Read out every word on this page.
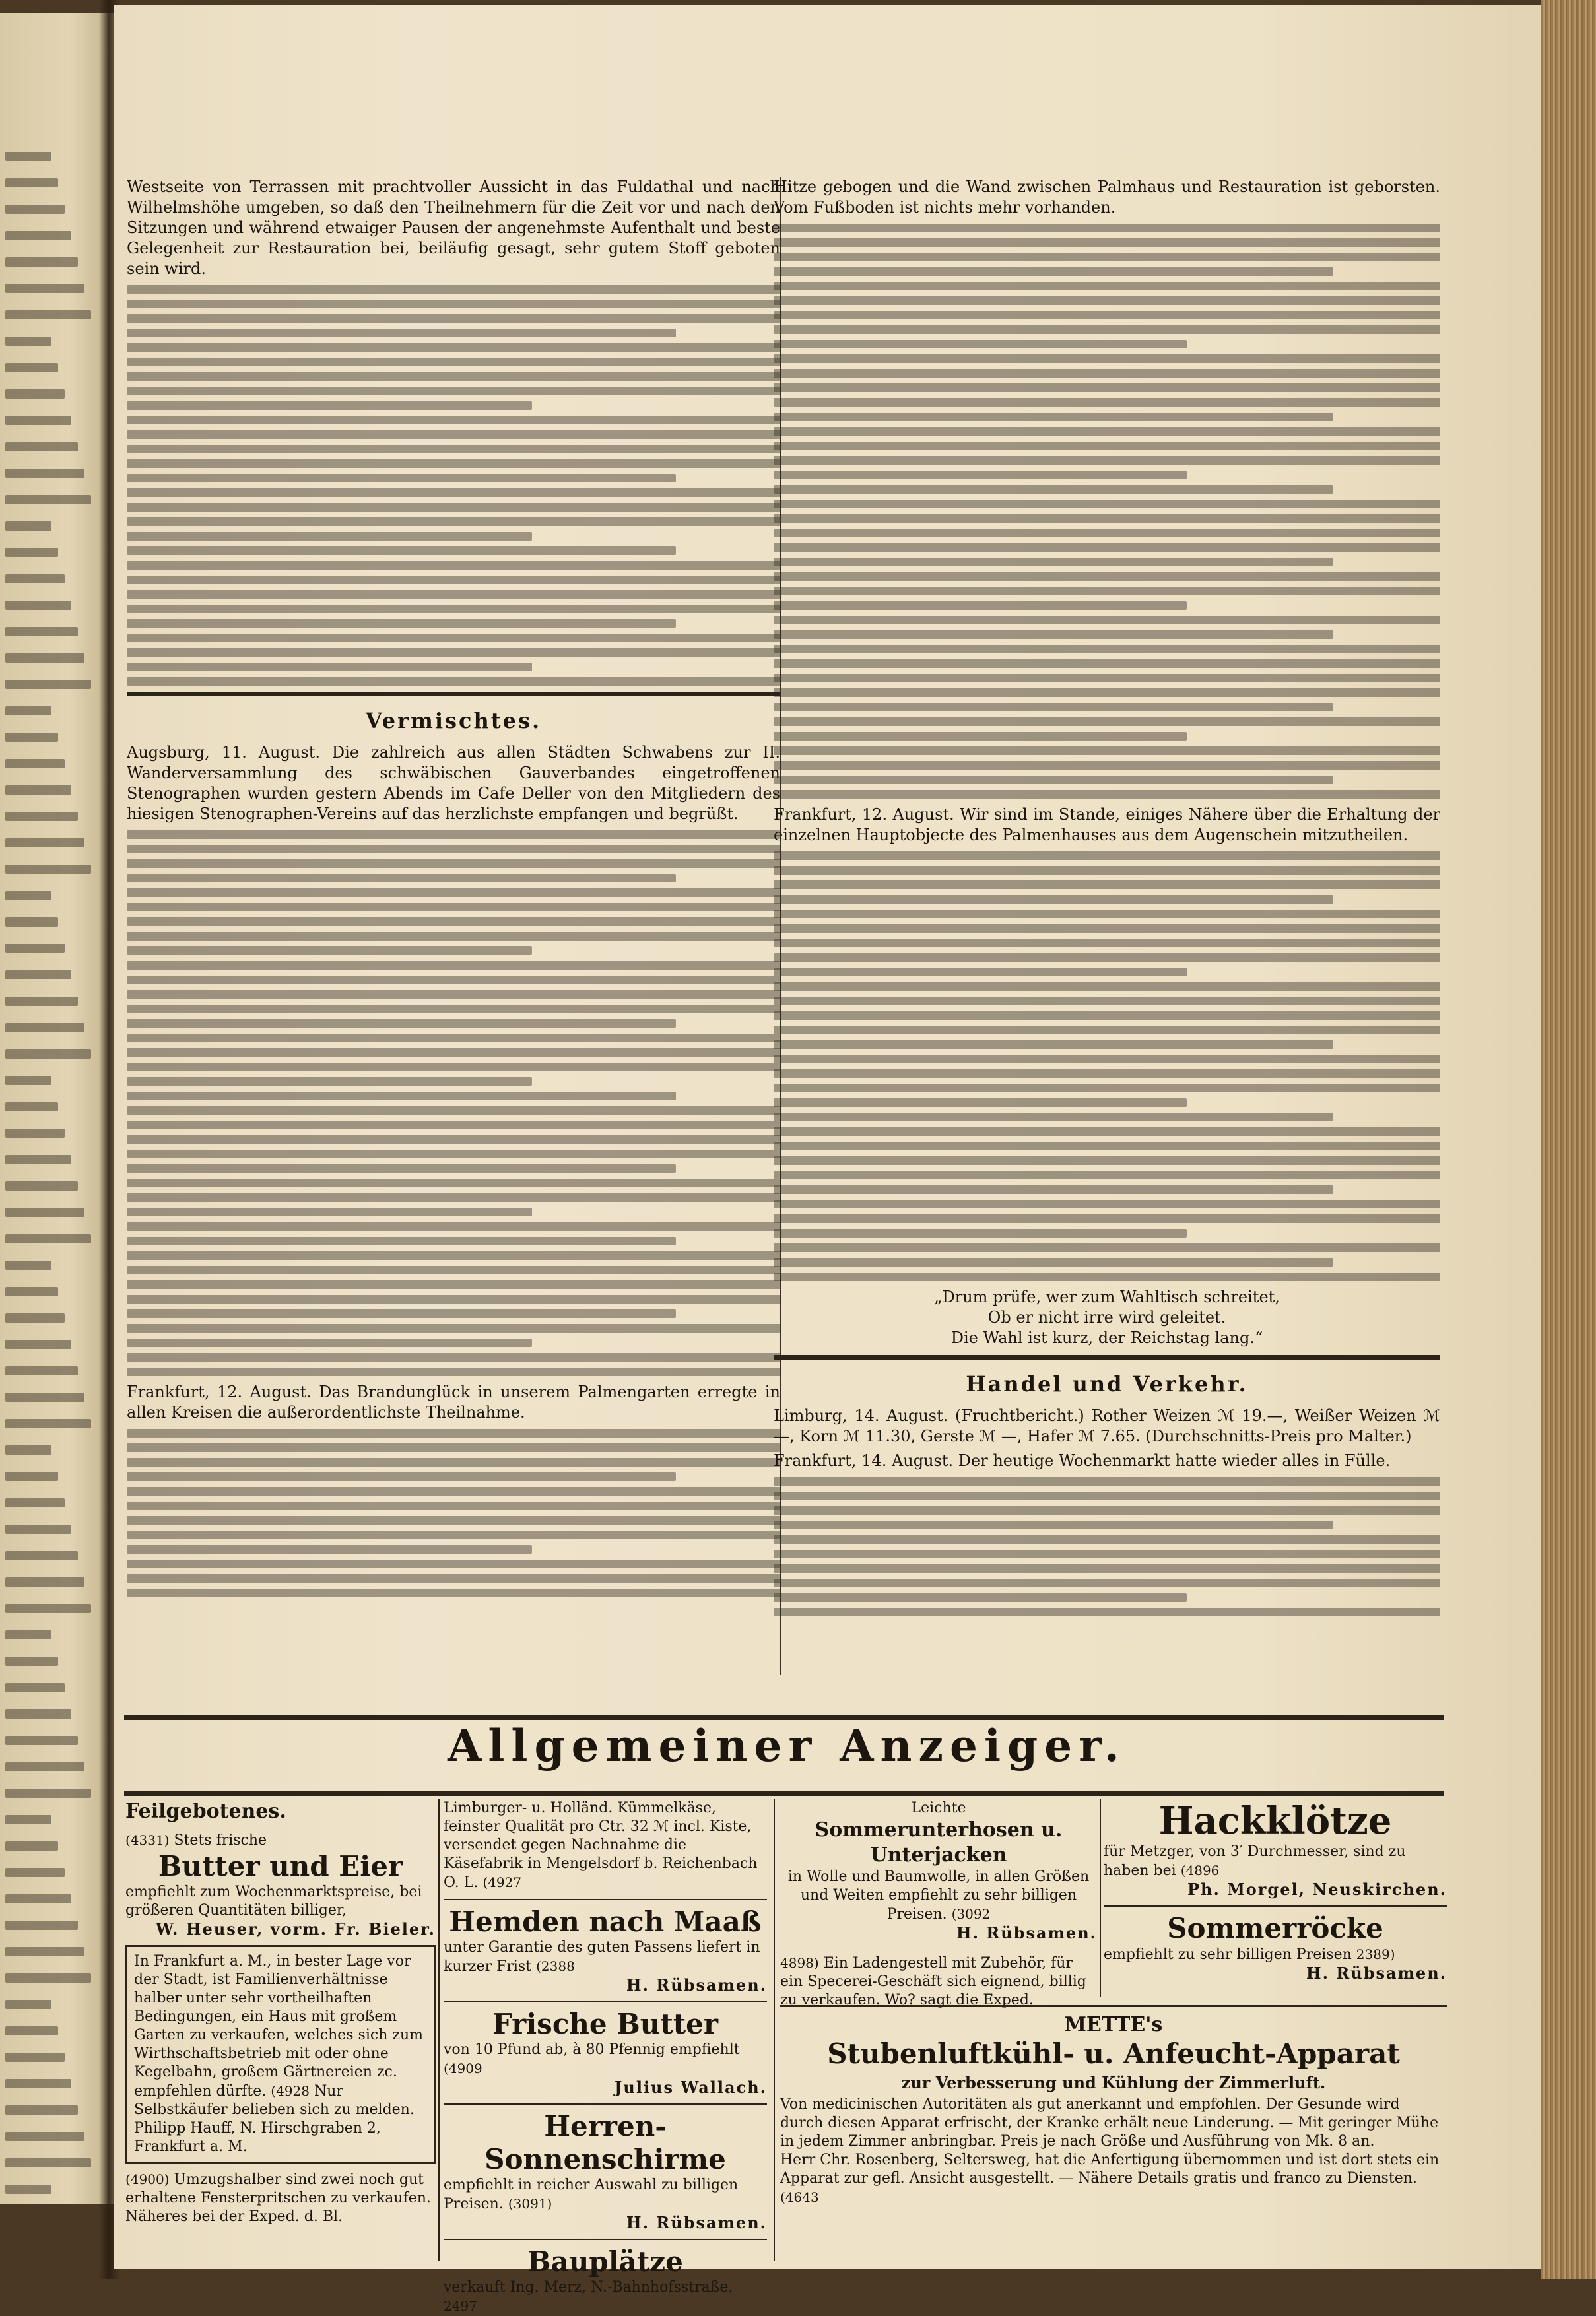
Westseite von Terrassen mit prachtvoller Aussicht in das Fuldathal und nach Wilhelmshöhe umgeben, so daß den Theilnehmern für die Zeit vor und nach den Sitzungen und während etwaiger Pausen der angenehmste Aufenthalt und beste Gelegenheit zur Restauration bei, beiläufig gesagt, sehr gutem Stoff geboten sein wird.

Vermischtes.

Augsburg, 11. August. Die zahlreich aus allen Städten Schwabens zur II. Wanderversammlung des schwäbischen Gauverbandes eingetroffenen Stenographen wurden gestern Abends im Cafe Deller von den Mitgliedern des hiesigen Stenographen-Vereins auf das herzlichste empfangen und begrüßt.

Frankfurt, 12. August. Das Brandunglück in unserem Palmengarten erregte in allen Kreisen die außerordentlichste Theilnahme.

Hitze gebogen und die Wand zwischen Palmhaus und Restauration ist geborsten. Vom Fußboden ist nichts mehr vorhanden.

Frankfurt, 12. August. Wir sind im Stande, einiges Nähere über die Erhaltung der einzelnen Hauptobjecte des Palmenhauses aus dem Augenschein mitzutheilen.

„Drum prüfe, wer zum Wahltisch schreitet,
Ob er nicht irre wird geleitet.
Die Wahl ist kurz, der Reichstag lang.“
Handel und Verkehr.

Limburg, 14. August. (Fruchtbericht.) Rother Weizen ℳ 19.—, Weißer Weizen ℳ —, Korn ℳ 11.30, Gerste ℳ —, Hafer ℳ 7.65. (Durchschnitts-Preis pro Malter.)

Frankfurt, 14. August. Der heutige Wochenmarkt hatte wieder alles in Fülle.

Allgemeiner Anzeiger.
Feilgebotenes.
(4331) Stets frische
Butter und Eier
empfiehlt zum Wochenmarktspreise, bei größeren Quantitäten billiger,
W. Heuser, vorm. Fr. Bieler.
In Frankfurt a. M., in bester Lage vor der Stadt, ist Familienverhältnisse halber unter sehr vortheilhaften Bedingungen, ein Haus mit großem Garten zu verkaufen, welches sich zum Wirthschaftsbetrieb mit oder ohne Kegelbahn, großem Gärtnereien zc. empfehlen dürfte. (4928 Nur Selbstkäufer belieben sich zu melden. Philipp Hauff, N. Hirschgraben 2, Frankfurt a. M.
(4900) Umzugshalber sind zwei noch gut erhaltene Fensterpritschen zu verkaufen. Näheres bei der Exped. d. Bl.
Limburger- u. Holländ. Kümmelkäse, feinster Qualität pro Ctr. 32 ℳ incl. Kiste, versendet gegen Nachnahme die Käsefabrik in Mengelsdorf b. Reichenbach O. L. (4927
Hemden nach Maaß
unter Garantie des guten Passens liefert in kurzer Frist (2388
H. Rübsamen.
Frische Butter
von 10 Pfund ab, à 80 Pfennig empfiehlt (4909
Julius Wallach.
Herren-Sonnenschirme
empfiehlt in reicher Auswahl zu billigen Preisen. (3091)
H. Rübsamen.
Bauplätze
verkauft Ing. Merz, N.-Bahnhofsstraße. 2497
Leichte
Sommerunterhosen u. Unterjacken
in Wolle und Baumwolle, in allen Größen und Weiten empfiehlt zu sehr billigen Preisen. (3092
H. Rübsamen.
4898) Ein Ladengestell mit Zubehör, für ein Specerei-Geschäft sich eignend, billig zu verkaufen. Wo? sagt die Exped.
Hackklötze
für Metzger, von 3′ Durchmesser, sind zu haben bei (4896
Ph. Morgel, Neuskirchen.
Sommerröcke
empfiehlt zu sehr billigen Preisen 2389)
H. Rübsamen.
METTE's
Stubenluftkühl- u. Anfeucht-Apparat
zur Verbesserung und Kühlung der Zimmerluft.
Von medicinischen Autoritäten als gut anerkannt und empfohlen. Der Gesunde wird durch diesen Apparat erfrischt, der Kranke erhält neue Linderung. — Mit geringer Mühe in jedem Zimmer anbringbar. Preis je nach Größe und Ausführung von Mk. 8 an.
Herr Chr. Rosenberg, Seltersweg, hat die Anfertigung übernommen und ist dort stets ein Apparat zur gefl. Ansicht ausgestellt. — Nähere Details gratis und franco zu Diensten.
(4643
